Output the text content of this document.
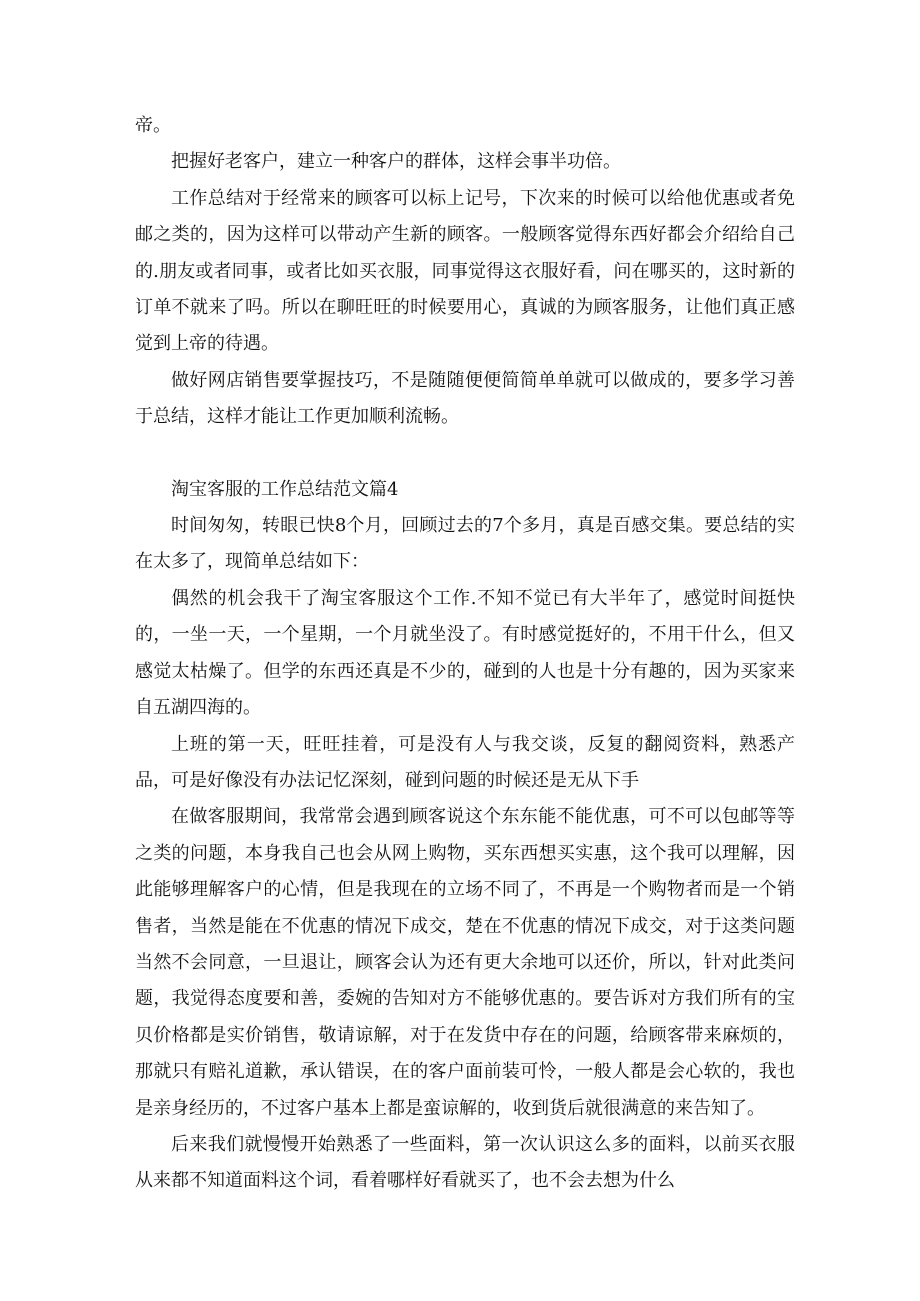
帝。

把握好老客户，建立一种客户的群体，这样会事半功倍。

工作总结对于经常来的顾客可以标上记号，下次来的时候可以给他优惠或者免邮之类的，因为这样可以带动产生新的顾客。一般顾客觉得东西好都会介绍给自己的.朋友或者同事，或者比如买衣服，同事觉得这衣服好看，问在哪买的，这时新的订单不就来了吗。所以在聊旺旺的时候要用心，真诚的为顾客服务，让他们真正感觉到上帝的待遇。

做好网店销售要掌握技巧，不是随随便便简简单单就可以做成的，要多学习善于总结，这样才能让工作更加顺利流畅。

淘宝客服的工作总结范文篇4

时间匆匆，转眼已快8个月，回顾过去的7个多月，真是百感交集。要总结的实在太多了，现简单总结如下：

偶然的机会我干了淘宝客服这个工作.不知不觉已有大半年了，感觉时间挺快的，一坐一天，一个星期，一个月就坐没了。有时感觉挺好的，不用干什么，但又感觉太枯燥了。但学的东西还真是不少的，碰到的人也是十分有趣的，因为买家来自五湖四海的。

上班的第一天，旺旺挂着，可是没有人与我交谈，反复的翻阅资料，熟悉产品，可是好像没有办法记忆深刻，碰到问题的时候还是无从下手

在做客服期间，我常常会遇到顾客说这个东东能不能优惠，可不可以包邮等等之类的问题，本身我自己也会从网上购物，买东西想买实惠，这个我可以理解，因此能够理解客户的心情，但是我现在的立场不同了，不再是一个购物者而是一个销售者，当然是能在不优惠的情况下成交，楚在不优惠的情况下成交，对于这类问题当然不会同意，一旦退让，顾客会认为还有更大余地可以还价，所以，针对此类问题，我觉得态度要和善，委婉的告知对方不能够优惠的。要告诉对方我们所有的宝贝价格都是实价销售，敬请谅解，对于在发货中存在的问题，给顾客带来麻烦的，那就只有赔礼道歉，承认错误，在的客户面前装可怜，一般人都是会心软的，我也是亲身经历的，不过客户基本上都是蛮谅解的，收到货后就很满意的来告知了。

后来我们就慢慢开始熟悉了一些面料，第一次认识这么多的面料，以前买衣服从来都不知道面料这个词，看着哪样好看就买了，也不会去想为什么
